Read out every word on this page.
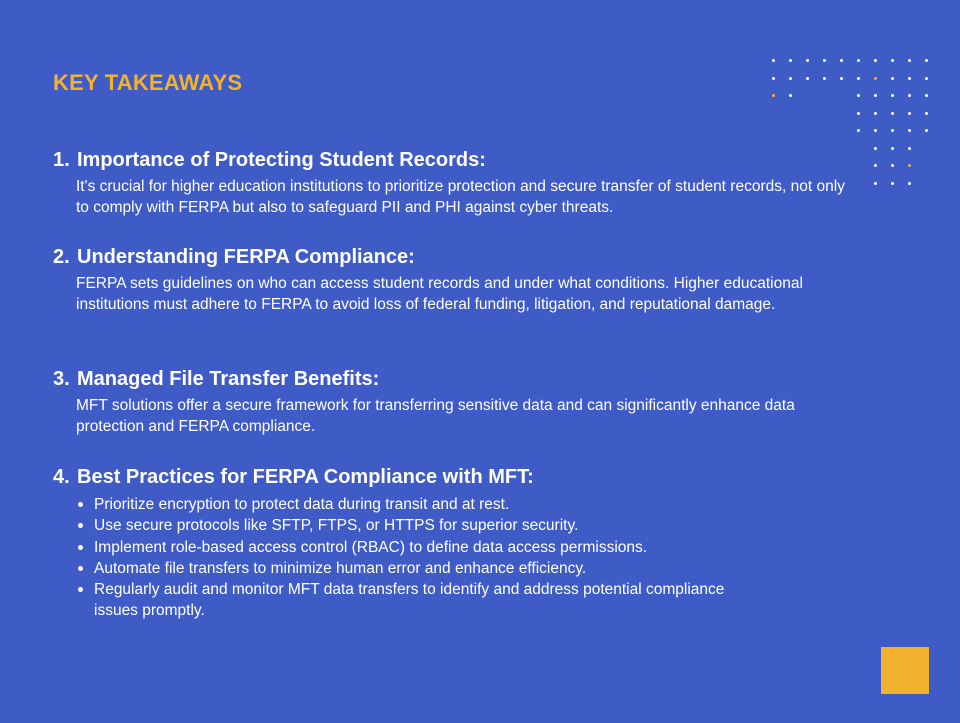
KEY TAKEAWAYS
1. Importance of Protecting Student Records:
It's crucial for higher education institutions to prioritize protection and secure transfer of student records, not only to comply with FERPA but also to safeguard PII and PHI against cyber threats.
2. Understanding FERPA Compliance:
FERPA sets guidelines on who can access student records and under what conditions. Higher educational institutions must adhere to FERPA to avoid loss of federal funding, litigation, and reputational damage.
3. Managed File Transfer Benefits:
MFT solutions offer a secure framework for transferring sensitive data and can significantly enhance data protection and FERPA compliance.
4. Best Practices for FERPA Compliance with MFT:
Prioritize encryption to protect data during transit and at rest.
Use secure protocols like SFTP, FTPS, or HTTPS for superior security.
Implement role-based access control (RBAC) to define data access permissions.
Automate file transfers to minimize human error and enhance efficiency.
Regularly audit and monitor MFT data transfers to identify and address potential compliance issues promptly.
